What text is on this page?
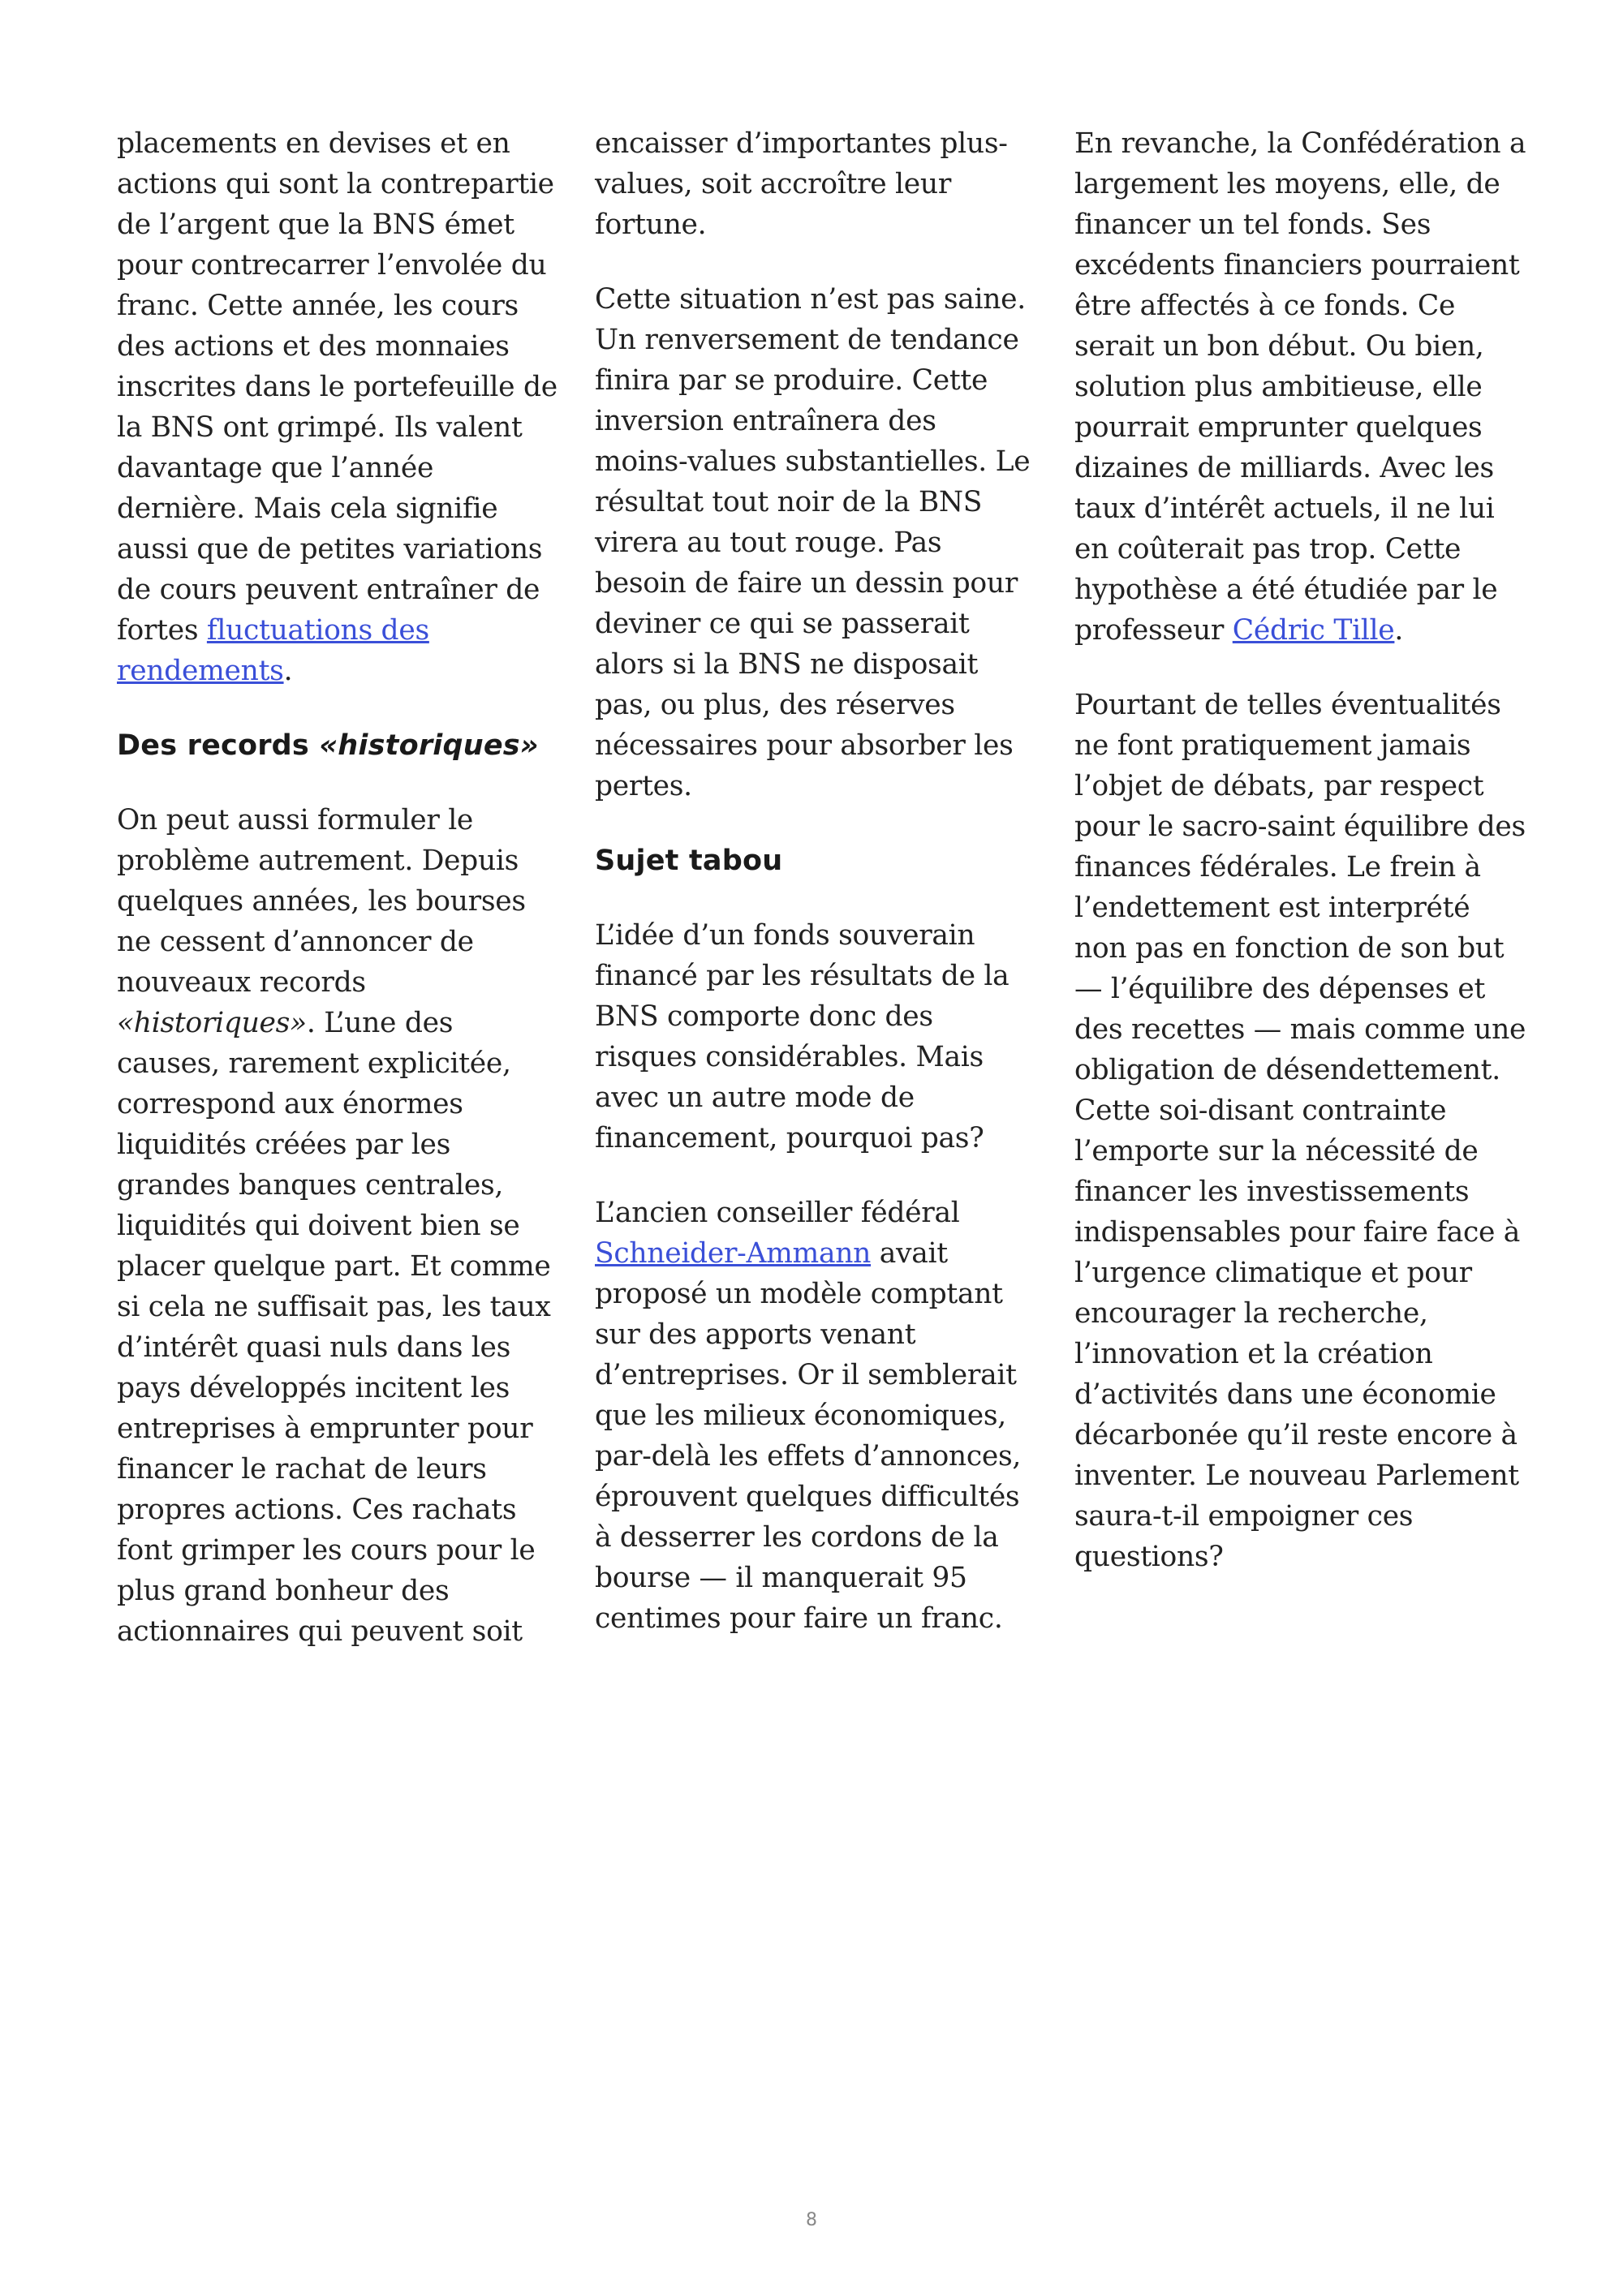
placements en devises et en actions qui sont la contrepartie de l’argent que la BNS émet pour contrecarrer l’envolée du franc. Cette année, les cours des actions et des monnaies inscrites dans le portefeuille de la BNS ont grimpé. Ils valent davantage que l’année dernière. Mais cela signifie aussi que de petites variations de cours peuvent entraîner de fortes fluctuations des rendements.

Des records «historiques»

On peut aussi formuler le problème autrement. Depuis quelques années, les bourses ne cessent d’annoncer de nouveaux records «historiques». L’une des causes, rarement explicitée, correspond aux énormes liquidités créées par les grandes banques centrales, liquidités qui doivent bien se placer quelque part. Et comme si cela ne suffisait pas, les taux d’intérêt quasi nuls dans les pays développés incitent les entreprises à emprunter pour financer le rachat de leurs propres actions. Ces rachats font grimper les cours pour le plus grand bonheur des actionnaires qui peuvent soit

encaisser d’importantes plus-values, soit accroître leur fortune.

Cette situation n’est pas saine. Un renversement de tendance finira par se produire. Cette inversion entraînera des moins-values substantielles. Le résultat tout noir de la BNS virera au tout rouge. Pas besoin de faire un dessin pour deviner ce qui se passerait alors si la BNS ne disposait pas, ou plus, des réserves nécessaires pour absorber les pertes.

Sujet tabou

L’idée d’un fonds souverain financé par les résultats de la BNS comporte donc des risques considérables. Mais avec un autre mode de financement, pourquoi pas?

L’ancien conseiller fédéral Schneider-Ammann avait proposé un modèle comptant sur des apports venant d’entreprises. Or il semblerait que les milieux économiques, par-delà les effets d’annonces, éprouvent quelques difficultés à desserrer les cordons de la bourse — il manquerait 95 centimes pour faire un franc.

En revanche, la Confédération a largement les moyens, elle, de financer un tel fonds. Ses excédents financiers pourraient être affectés à ce fonds. Ce serait un bon début. Ou bien, solution plus ambitieuse, elle pourrait emprunter quelques dizaines de milliards. Avec les taux d’intérêt actuels, il ne lui en coûterait pas trop. Cette hypothèse a été étudiée par le professeur Cédric Tille.

Pourtant de telles éventualités ne font pratiquement jamais l’objet de débats, par respect pour le sacro-saint équilibre des finances fédérales. Le frein à l’endettement est interprété non pas en fonction de son but — l’équilibre des dépenses et des recettes — mais comme une obligation de désendettement.

Cette soi-disant contrainte l’emporte sur la nécessité de financer les investissements indispensables pour faire face à l’urgence climatique et pour encourager la recherche, l’innovation et la création d’activités dans une économie décarbonée qu’il reste encore à inventer. Le nouveau Parlement saura-t-il empoigner ces questions?

8
